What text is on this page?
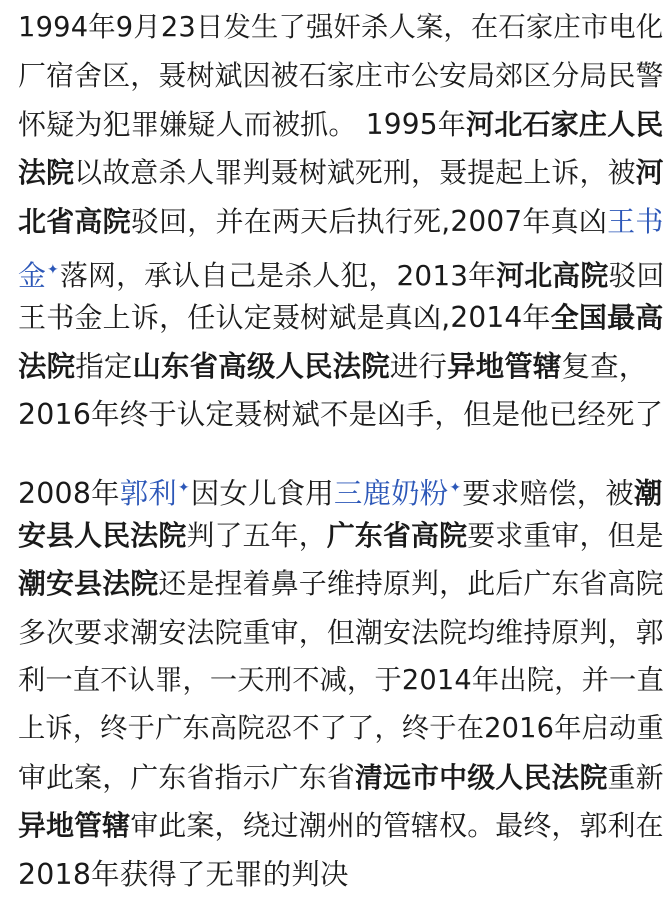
1994年9月23日发生了强奸杀人案，在石家庄市电化
厂宿舍区，聂树斌因被石家庄市公安局郊区分局民警
怀疑为犯罪嫌疑人而被抓。 1995年河北石家庄人民
法院以故意杀人罪判聂树斌死刑，聂提起上诉，被河
北省高院驳回，并在两天后执行死,2007年真凶王书
金✦落网，承认自己是杀人犯，2013年河北高院驳回
王书金上诉，任认定聂树斌是真凶,2014年全国最高
法院指定山东省高级人民法院进行异地管辖复查，
2016年终于认定聂树斌不是凶手，但是他已经死了
2008年郭利✦因女儿食用三鹿奶粉✦要求赔偿，被潮
安县人民法院判了五年，广东省高院要求重审，但是
潮安县法院还是捏着鼻子维持原判，此后广东省高院
多次要求潮安法院重审，但潮安法院均维持原判，郭
利一直不认罪，一天刑不减，于2014年出院，并一直
上诉，终于广东高院忍不了了，终于在2016年启动重
审此案，广东省指示广东省清远市中级人民法院重新
异地管辖审此案，绕过潮州的管辖权。最终，郭利在
2018年获得了无罪的判决
